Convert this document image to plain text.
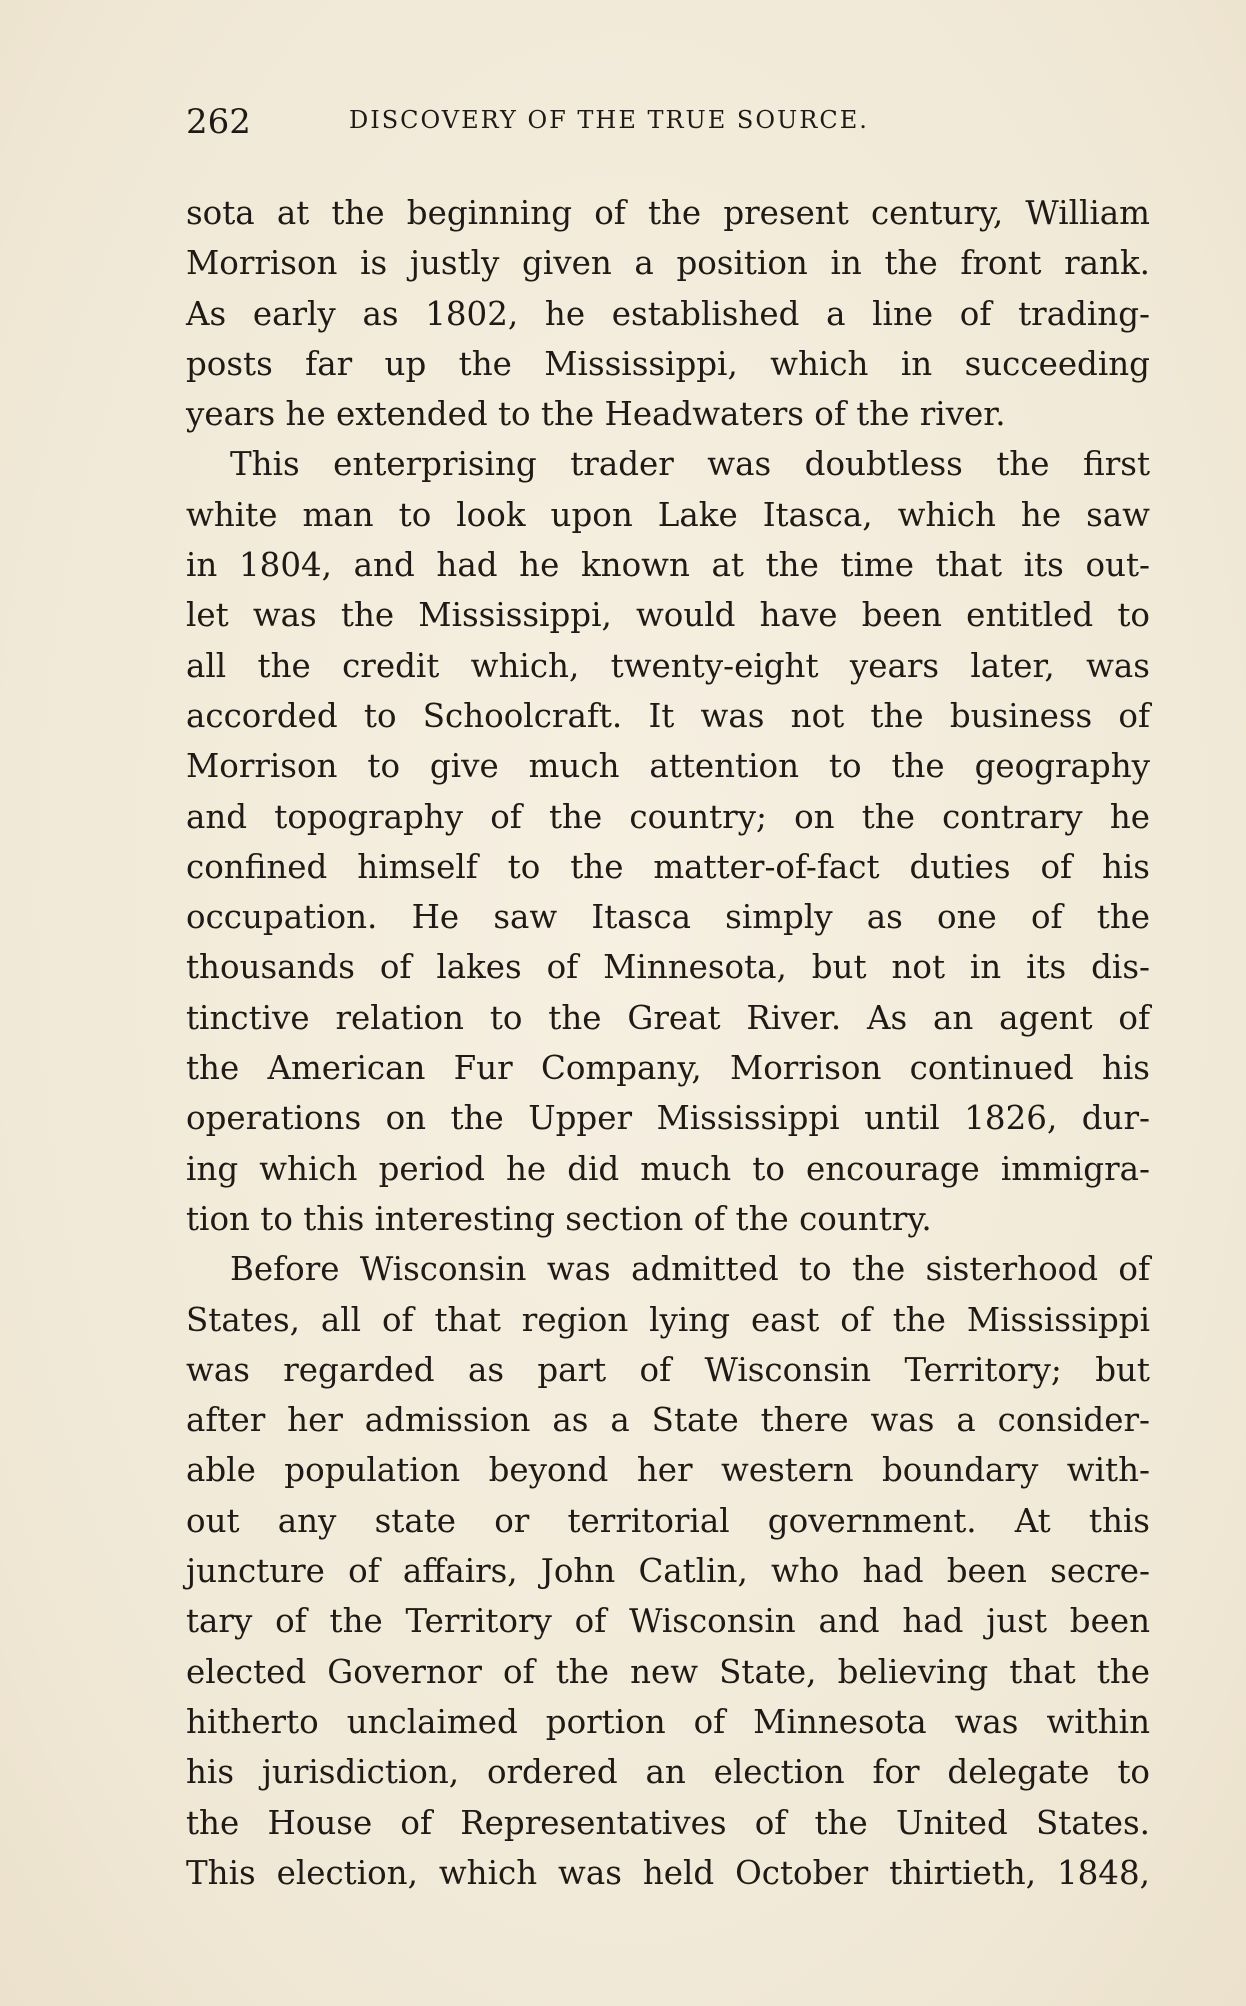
262	DISCOVERY OF THE TRUE SOURCE.
sota at the beginning of the present century, William
Morrison is justly given a position in the front rank.
As early as 1802, he established a line of trading-
posts far up the Mississippi, which in succeeding
years he extended to the Headwaters of the river.
This enterprising trader was doubtless the first
white man to look upon Lake Itasca, which he saw
in 1804, and had he known at the time that its out-
let was the Mississippi, would have been entitled to
all the credit which, twenty-eight years later, was
accorded to Schoolcraft. It was not the business of
Morrison to give much attention to the geography
and topography of the country; on the contrary he
confined himself to the matter-of-fact duties of his
occupation. He saw Itasca simply as one of the
thousands of lakes of Minnesota, but not in its dis-
tinctive relation to the Great River. As an agent of
the American Fur Company, Morrison continued his
operations on the Upper Mississippi until 1826, dur-
ing which period he did much to encourage immigra-
tion to this interesting section of the country.
Before Wisconsin was admitted to the sisterhood of
States, all of that region lying east of the Mississippi
was regarded as part of Wisconsin Territory; but
after her admission as a State there was a consider-
able population beyond her western boundary with-
out any state or territorial government. At this
juncture of affairs, John Catlin, who had been secre-
tary of the Territory of Wisconsin and had just been
elected Governor of the new State, believing that the
hitherto unclaimed portion of Minnesota was within
his jurisdiction, ordered an election for delegate to
the House of Representatives of the United States.
This election, which was held October thirtieth, 1848,
